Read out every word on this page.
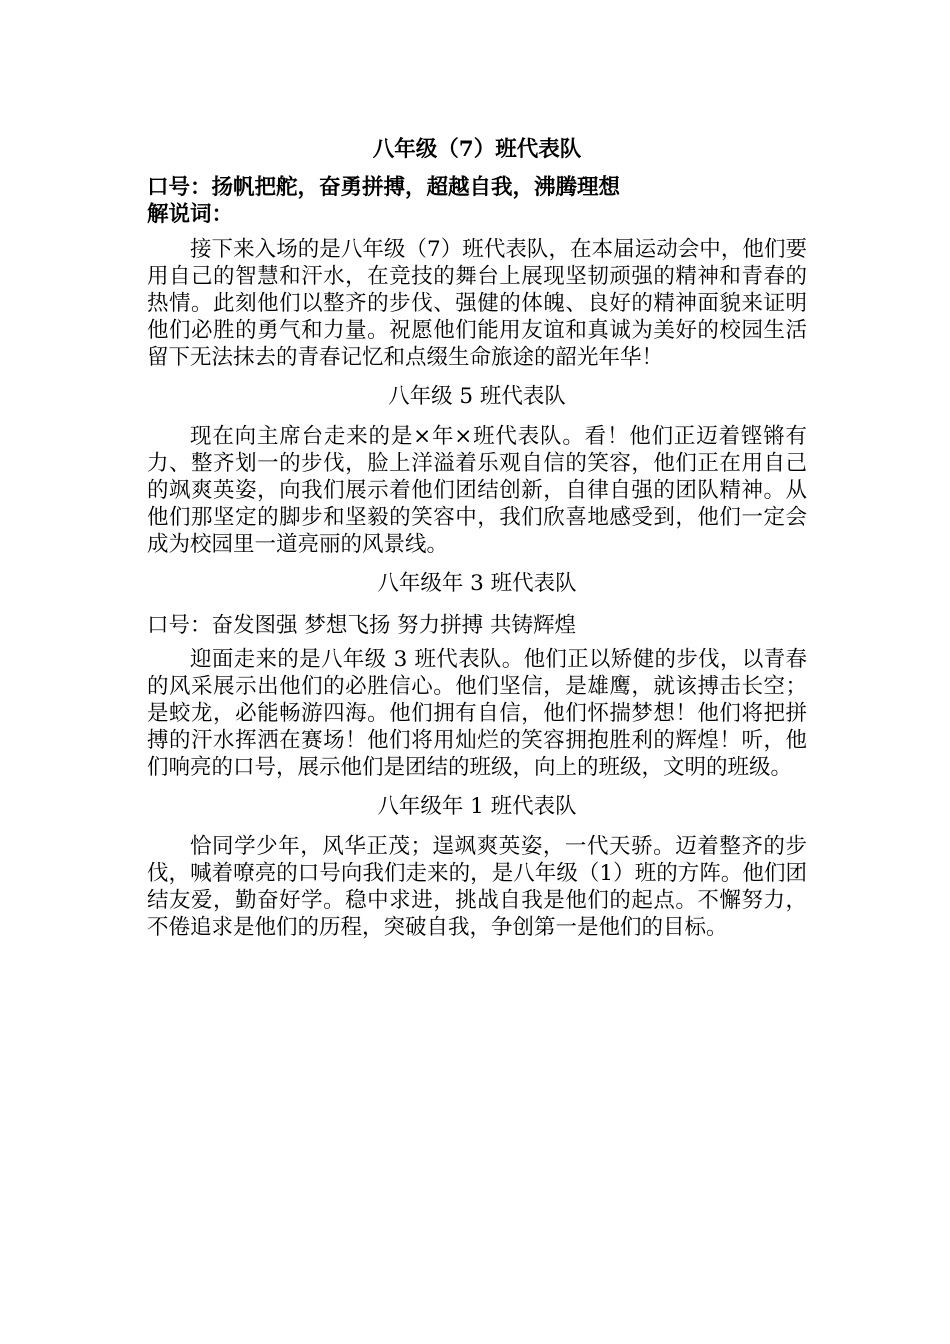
八年级（7）班代表队
口号：扬帆把舵，奋勇拼搏，超越自我，沸腾理想
解说词：

接下来入场的是八年级（7）班代表队，在本届运动会中，他们要用自己的智慧和汗水，在竞技的舞台上展现坚韧顽强的精神和青春的热情。此刻他们以整齐的步伐、强健的体魄、良好的精神面貌来证明他们必胜的勇气和力量。祝愿他们能用友谊和真诚为美好的校园生活留下无法抹去的青春记忆和点缀生命旅途的韶光年华！

八年级 5 班代表队

现在向主席台走来的是×年×班代表队。看！他们正迈着铿锵有力、整齐划一的步伐，脸上洋溢着乐观自信的笑容，他们正在用自己的飒爽英姿，向我们展示着他们团结创新，自律自强的团队精神。从他们那坚定的脚步和坚毅的笑容中，我们欣喜地感受到，他们一定会成为校园里一道亮丽的风景线。

八年级年 3 班代表队
口号：奋发图强 梦想飞扬 努力拼搏 共铸辉煌

迎面走来的是八年级 3 班代表队。他们正以矫健的步伐，以青春的风采展示出他们的必胜信心。他们坚信，是雄鹰，就该搏击长空；是蛟龙，必能畅游四海。他们拥有自信，他们怀揣梦想！他们将把拼搏的汗水挥洒在赛场！他们将用灿烂的笑容拥抱胜利的辉煌！听，他们响亮的口号，展示他们是团结的班级，向上的班级，文明的班级。

八年级年 1 班代表队

恰同学少年，风华正茂；逞飒爽英姿，一代天骄。迈着整齐的步伐，喊着嘹亮的口号向我们走来的，是八年级（1）班的方阵。他们团结友爱，勤奋好学。稳中求进，挑战自我是他们的起点。不懈努力，不倦追求是他们的历程，突破自我，争创第一是他们的目标。
